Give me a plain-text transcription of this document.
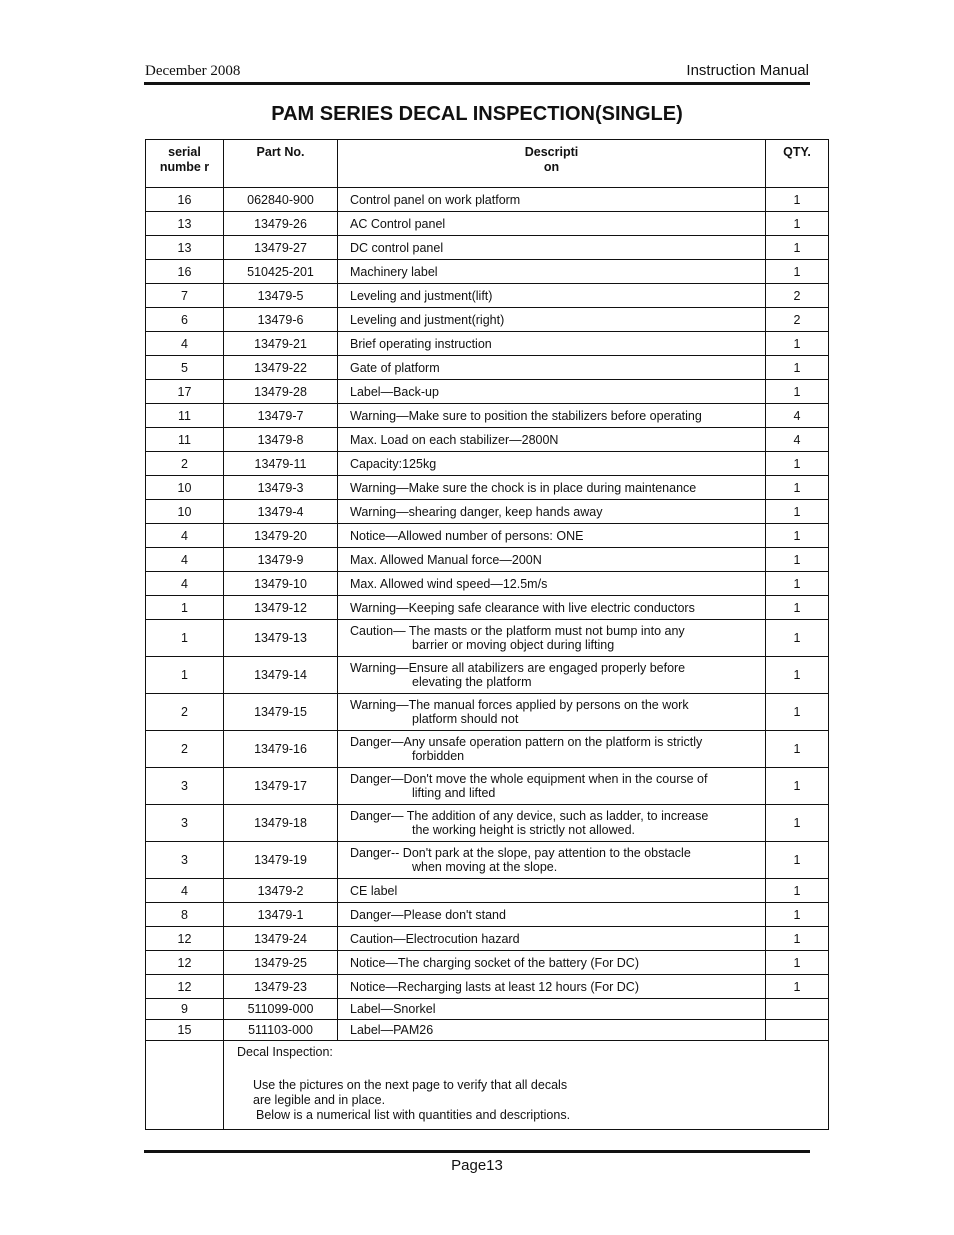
December 2008	Instruction Manual
PAM SERIES DECAL INSPECTION(SINGLE)
serial numbe r	Part No.	Descripti on	QTY.
16	062840-900	Control panel on work platform	1
13	13479-26	AC Control panel	1
13	13479-27	DC control panel	1
16	510425-201	Machinery label	1
7	13479-5	Leveling and justment(lift)	2
6	13479-6	Leveling and justment(right)	2
4	13479-21	Brief operating instruction	1
5	13479-22	Gate of platform	1
17	13479-28	Label—Back-up	1
11	13479-7	Warning—Make sure to position the stabilizers before operating	4
11	13479-8	Max. Load on each stabilizer—2800N	4
2	13479-11	Capacity:125kg	1
10	13479-3	Warning—Make sure the chock is in place during maintenance	1
10	13479-4	Warning—shearing danger, keep hands away	1
4	13479-20	Notice—Allowed number of persons: ONE	1
4	13479-9	Max. Allowed Manual force—200N	1
4	13479-10	Max. Allowed wind speed—12.5m/s	1
1	13479-12	Warning—Keeping safe clearance with live electric conductors	1
1	13479-13	Caution— The masts or the platform must not bump into any
barrier or moving object during lifting	1
1	13479-14	Warning—Ensure all atabilizers are engaged properly before
elevating the platform	1
2	13479-15	Warning—The manual forces applied by persons on the work
platform should not	1
2	13479-16	Danger—Any unsafe operation pattern on the platform is strictly
forbidden	1
3	13479-17	Danger—Don't move the whole equipment when in the course of
lifting and lifted	1
3	13479-18	Danger— The addition of any device, such as ladder, to increase
the working height is strictly not allowed.	1
3	13479-19	Danger-- Don't park at the slope, pay attention to the obstacle
when moving at the slope.	1
4	13479-2	CE label	1
8	13479-1	Danger—Please don't stand	1
12	13479-24	Caution—Electrocution hazard	1
12	13479-25	Notice—The charging socket of the battery (For DC)	1
12	13479-23	Notice—Recharging lasts at least 12 hours (For DC)	1
9	511099-000	Label—Snorkel	

15	511103-000	Label—PAM26	

	Decal Inspection:
Use the pictures on the next page to verify that all decals
are legible and in place.
Below is a numerical list with quantities and descriptions.		
Page13
